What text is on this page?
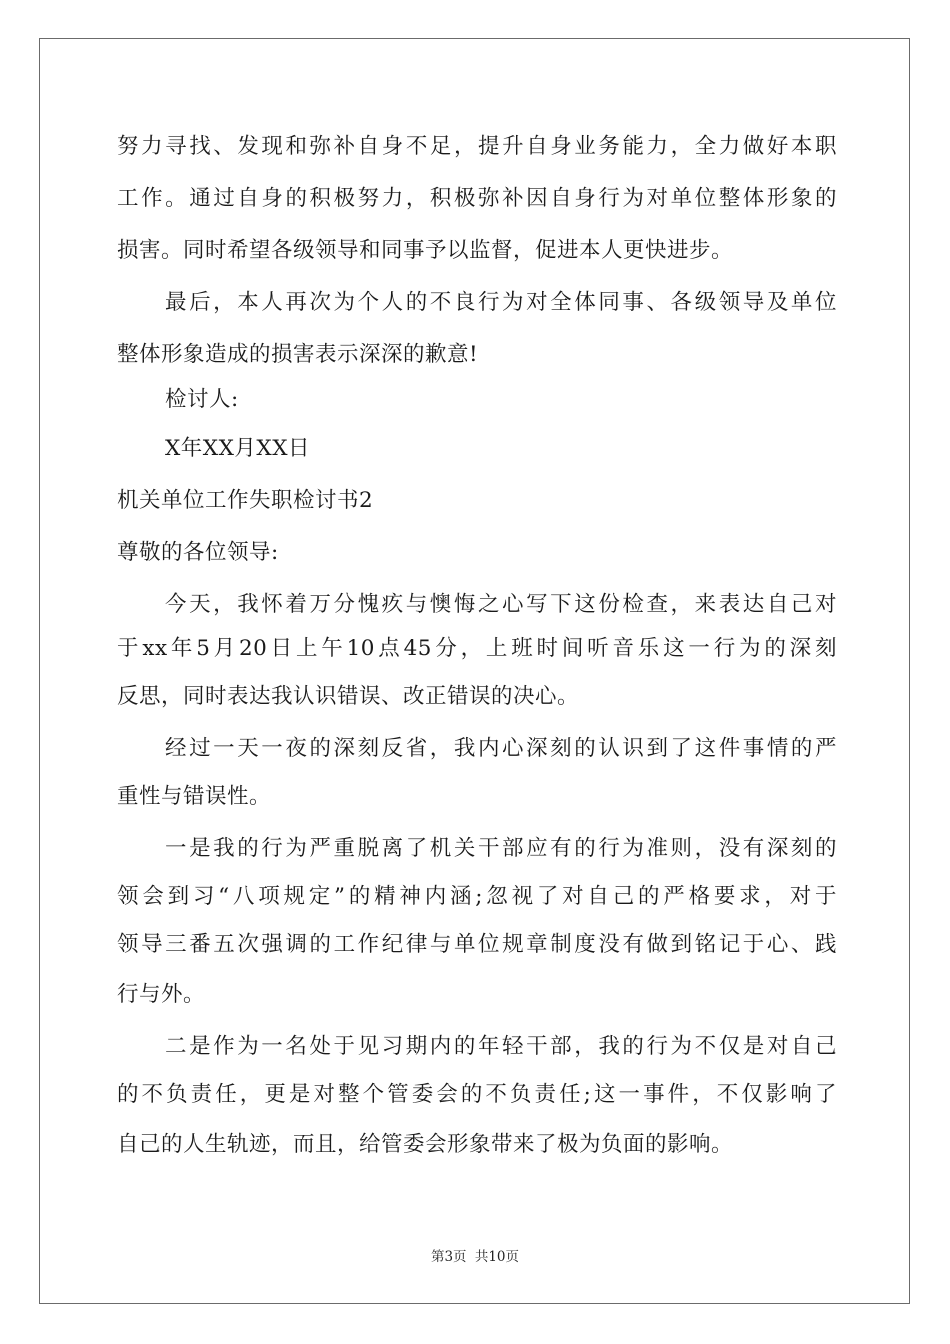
努力寻找、发现和弥补自身不足，提升自身业务能力，全力做好本职
工作。通过自身的积极努力，积极弥补因自身行为对单位整体形象的
损害。同时希望各级领导和同事予以监督，促进本人更快进步。
最后，本人再次为个人的不良行为对全体同事、各级领导及单位
整体形象造成的损害表示深深的歉意!
检讨人:
X年XX月XX日
机关单位工作失职检讨书2
尊敬的各位领导:
今天，我怀着万分愧疚与懊悔之心写下这份检查，来表达自己对
于xx年5月20日上午10点45分，上班时间听音乐这一行为的深刻
反思，同时表达我认识错误、改正错误的决心。
经过一天一夜的深刻反省，我内心深刻的认识到了这件事情的严
重性与错误性。
一是我的行为严重脱离了机关干部应有的行为准则，没有深刻的
领会到习“八项规定”的精神内涵;忽视了对自己的严格要求，对于
领导三番五次强调的工作纪律与单位规章制度没有做到铭记于心、践
行与外。
二是作为一名处于见习期内的年轻干部，我的行为不仅是对自己
的不负责任，更是对整个管委会的不负责任;这一事件，不仅影响了
自己的人生轨迹，而且，给管委会形象带来了极为负面的影响。
第3页 共10页
